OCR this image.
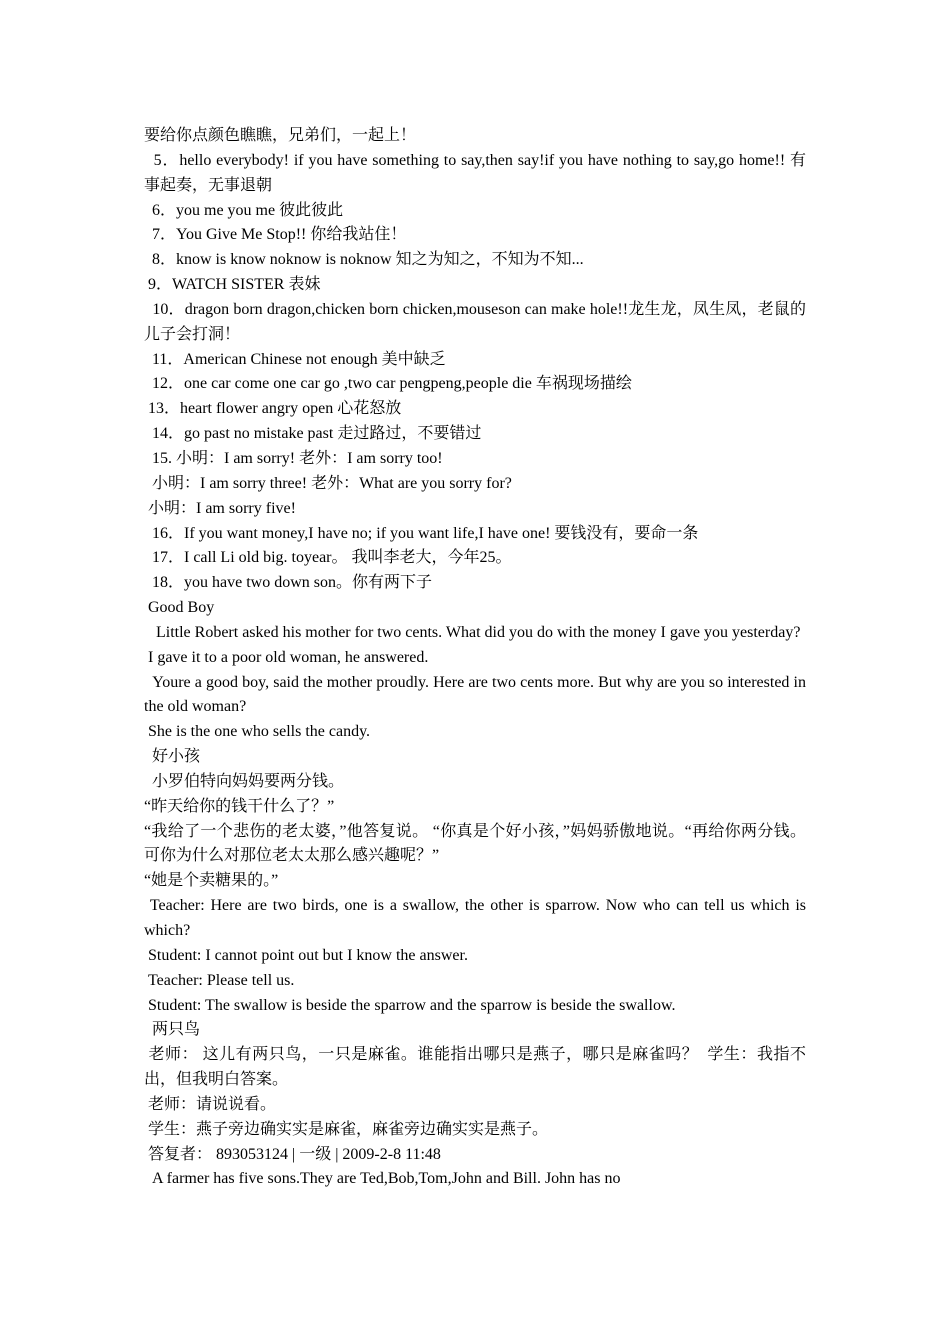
要给你点颜色瞧瞧，兄弟们，一起上！

5．hello everybody! if you have something to say,then say!if you have nothing to say,go home!! 有事起奏，无事退朝

6．you me you me 彼此彼此

7．You Give Me Stop!! 你给我站住！

8．know is know noknow is noknow 知之为知之，不知为不知...

9．WATCH SISTER 表妹

10．dragon born dragon,chicken born chicken,mouseson can make hole!!龙生龙，凤生凤，老鼠的儿子会打洞！

11．American Chinese not enough 美中缺乏

12．one car come one car go ,two car pengpeng,people die 车祸现场描绘

13．heart flower angry open 心花怒放

14．go past no mistake past 走过路过，不要错过

15. 小明：I am sorry! 老外：I am sorry too!

小明：I am sorry three! 老外：What are you sorry for?

小明：I am sorry five!

16．If you want money,I have no; if you want life,I have one! 要钱没有，要命一条

17．I call Li old big. toyear。 我叫李老大，今年25。

18．you have two down son。你有两下子

Good Boy

Little Robert asked his mother for two cents. What did you do with the money I gave you yesterday?

I gave it to a poor old woman, he answered.

Youre a good boy, said the mother proudly. Here are two cents more. But why are you so interested in the old woman?

She is the one who sells the candy.

好小孩

小罗伯特向妈妈要两分钱。

“昨天给你的钱干什么了？”

“我给了一个悲伤的老太婆，”他答复说。 “你真是个好小孩，”妈妈骄傲地说。“再给你两分钱。可你为什么对那位老太太那么感兴趣呢？”

“她是个卖糖果的。”

Teacher: Here are two birds, one is a swallow, the other is sparrow. Now who can tell us which is which?

Student: I cannot point out but I know the answer.

Teacher: Please tell us.

Student: The swallow is beside the sparrow and the sparrow is beside the swallow.

两只鸟

老师： 这儿有两只鸟，一只是麻雀。谁能指出哪只是燕子，哪只是麻雀吗？  学生：我指不出，但我明白答案。

老师：请说说看。

学生：燕子旁边确实实是麻雀，麻雀旁边确实实是燕子。

答复者： 893053124 | 一级 | 2009-2-8 11:48

A farmer has five sons.They are Ted,Bob,Tom,John and Bill. John has no
